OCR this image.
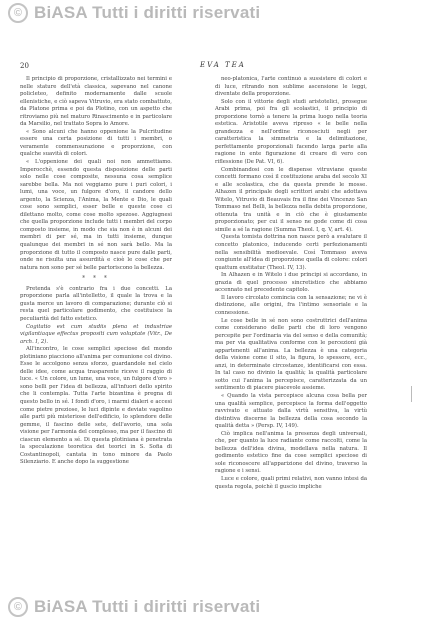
© BiASA Tutti i diritti riservati
20	EVA TEA

Il principio di proporzione, cristallizzato nei termini e nelle stature dell'età classica, sapevano nel canone policleteo, definito modernamente dalle scuole ellenistiche, e ciò sapeva Vitruvio, era stato combattuto, da Platone prima e poi da Plotino, con un aspetto che ritroviamo più nel maturo Rinascimento e in particolare da Marsilio, nel trattato Sopra lo Amore.

« Sono alcuni che hanno oppenione la Pulcritudine essere una certa posizione di tutti i membri, o veramente commensurazione e proporzione, con qualche suavità di colori.

« L'oppenione dei quali noi non ammettiamo. Imperocchè, essendo questa disposizione delle parti solo nelle cose composite, nessuna cosa semplice sarebbe bella. Ma noi veggiamo pure i puri colori, i lumi, una voce, un fulgore d'oro, il candore dello argento, la Scienza, l'Anima, la Mente e Dio, le quali cose sono semplici, esser belle e queste cose ci dilettano molto, come cose molto spezose. Aggiugnesi che quella proporzione include tutti i membri del corpo composto insieme, in modo che sia non è in alcuni dei membri di per sé, ma in tutti insieme, dunque qualunque dei membri in sé non sarà bello. Ma la proporzione di tutto il composto nasce pure dalle parti, onde ne risulta una assurdità e cioè le cose che per natura non sono per sé belle partoriscono la bellezza.

* * *

Pretenda s'è contrario fra i due concetti. La proporzione parla all'intelletto, il quale la trova e la gusta merce un lavoro di comparazione; durante ciò si resta quel particolare godimento, che costituisce la peculiarità del fatto estetico.

Cogitatio est cum studiis plena et industriae vigilantiaque effectus propositi cum voluptate (Vitr., De arch. I, 2).

All'incontro, le cose semplici speciose del mondo plotiniano piacciono all'anima per comunione col divino. Esse le accolgono senza sforzo, guardandole nel cielo delle idee, come acqua trasparente riceve il raggio di luce. « Un colore, un lume, una voce, un fulgore d'oro » sono belli per l'idea di bellezza, all'infuori dello spirito che li contempla. Tutta l'arte bizantina è pregna di questo bello in sé. I fondi d'oro, i marmi dialeri e accesi come pietre preziose, le luci dipinte e deviate vagolino alle parti più misteriose dell'edificio, lo splendore delle gemme, il fascino delle sete, dell'avorio, una sola visione per l'armonia del complesso, ma per il fascino di ciascun elemento a sé. Di questa plotiniana è penetrata la speculazione teoretica dei teorici in S. Sofia di Costantinopoli, cantata in tono minore da Paolo Silenziario. E anche dopo la suggestione

neo-platonica, l'arte continuò a sussistere di colori e di luce, ritrando non sublime ascensione le leggi, diventate della proporzione.

Solo con il vittorie degli studi aristotelici, prosegue Arabi prima, poi fra gli scolastici, il principio di proporzione tornò a tenere la prima luogo nella teoria estetica. Aristotile aveva ripreso « le belle nella grandezza e nell'ordine riconosciuti negli per caratteristica la simmetria e la delimitazione, perfettamente proporzionali facendo larga parte alla ragione in ente figurazione di creare di vero con riflessione (De Pat. VI, 6).

Combinandosi con le dispense vitruviane queste concetti formano così il costituzione araba del secolo XI e alle scolastica, che da questa prende le mosse. Alhazen il principale degli scrittori arabi che adottava Witelo, Vitruvio di Beauvais fra il fine dei Vincenzo San Tommaso nel Belli, la bellezza nella debita proporzione, ottenuta tra unità e in ciò che è giustamente proporzionato; per cui il senso ne gode come di cosa simile a sé la ragione (Summa Theol. I, q. V, art. 4).

Questa tomista dottrina non nasce però a svalutare il concetto platonico, inducendo certi perfezionamenti nella sensibilità medioevale. Così Tommaso aveva congiunte all'idea di proporzione quella di colore: colori quattum exstitatur (Theol. IV, 13).

In Alhazen e in Witelo i due principi si accordano, in grazia di quel processo sincretistico che abbiamo accennato nel precedente capitolo.

Il lavoro circolato comincia con la sensazione; ne vi è distinzione, alle origini, fra l'intimo sensoriale e la connessione.

Le cose belle in sé non sono costruttrici dell'anima come considerano delle parti che di loro vengono percepite per l'ordinaria via del senso e della comunità; ma per via qualitativa conforme con le percezioni già appartenenti all'anima. La bellezza è una categoria della visione come il sito, la figura, lo spessore, ecc., anzi, in determinate circostanze, identificarsi con essa. In tal caso no divinio la qualità; la qualità particolare sotto cui l'anima la percepisce, caratterizzata da un sentimento di piacere piacevole assieme.

« Quando la vista percepisce alcuna cosa bella per una qualità semplice, percepisce la forma dell'oggetto ravvivato e attuato dalla virtù sensitiva, la virtù distintiva discerne la bellezza della cosa secondo la qualità detta » (Persp. IV, 149).

Ciò implica nell'anima la presenza degli universali, che, per quanto la luce radiante come raccolti, come la bellezza dell'idea divina, modellava nella natura. Il godimento estetico fine da cose semplici speciose di sole riconoscere all'apparizione del divino, traverso la ragione e i sensi.

Luce e colore, quali primi relativi, non vanno intesi da questa regola, poichè il guscio impliche

© BiASA Tutti i diritti riservati
